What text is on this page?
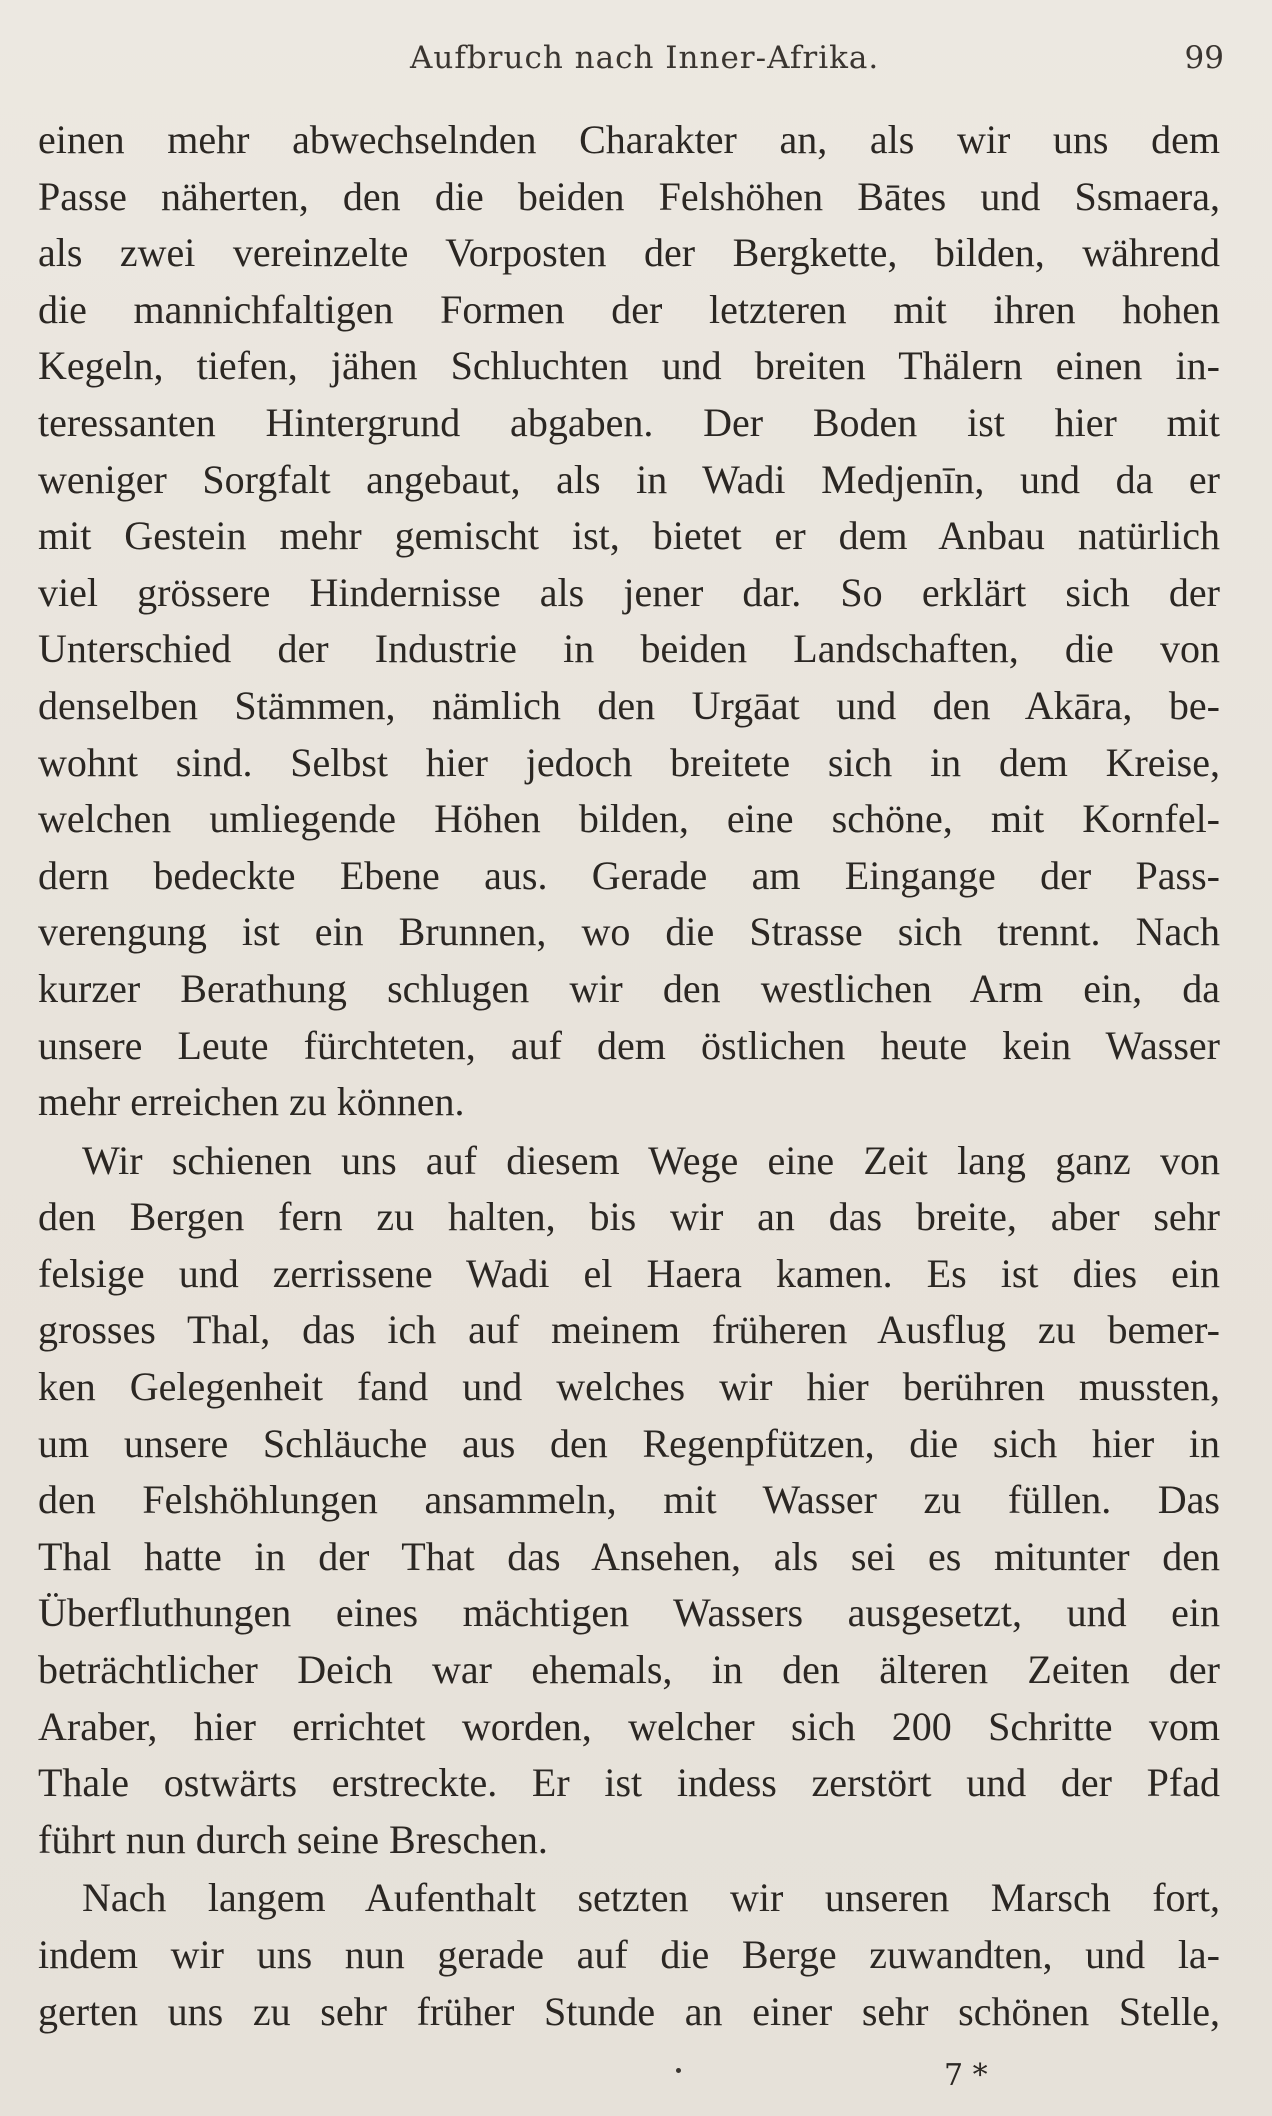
Aufbruch nach Inner-Afrika.	99
einen mehr abwechselnden Charakter an, als wir uns dem
Passe näherten, den die beiden Felshöhen Bātes und Ssmaera,
als zwei vereinzelte Vorposten der Bergkette, bilden, während
die mannichfaltigen Formen der letzteren mit ihren hohen
Kegeln, tiefen, jähen Schluchten und breiten Thälern einen in-
teressanten Hintergrund abgaben. Der Boden ist hier mit
weniger Sorgfalt angebaut, als in Wadi Medjenīn, und da er
mit Gestein mehr gemischt ist, bietet er dem Anbau natürlich
viel grössere Hindernisse als jener dar. So erklärt sich der
Unterschied der Industrie in beiden Landschaften, die von
denselben Stämmen, nämlich den Urgāat und den Akāra, be-
wohnt sind. Selbst hier jedoch breitete sich in dem Kreise,
welchen umliegende Höhen bilden, eine schöne, mit Kornfel-
dern bedeckte Ebene aus. Gerade am Eingange der Pass-
verengung ist ein Brunnen, wo die Strasse sich trennt. Nach
kurzer Berathung schlugen wir den westlichen Arm ein, da
unsere Leute fürchteten, auf dem östlichen heute kein Wasser
mehr erreichen zu können.
Wir schienen uns auf diesem Wege eine Zeit lang ganz von
den Bergen fern zu halten, bis wir an das breite, aber sehr
felsige und zerrissene Wadi el Haera kamen. Es ist dies ein
grosses Thal, das ich auf meinem früheren Ausflug zu bemer-
ken Gelegenheit fand und welches wir hier berühren mussten,
um unsere Schläuche aus den Regenpfützen, die sich hier in
den Felshöhlungen ansammeln, mit Wasser zu füllen. Das
Thal hatte in der That das Ansehen, als sei es mitunter den
Überfluthungen eines mächtigen Wassers ausgesetzt, und ein
beträchtlicher Deich war ehemals, in den älteren Zeiten der
Araber, hier errichtet worden, welcher sich 200 Schritte vom
Thale ostwärts erstreckte. Er ist indess zerstört und der Pfad
führt nun durch seine Breschen.
Nach langem Aufenthalt setzten wir unseren Marsch fort,
indem wir uns nun gerade auf die Berge zuwandten, und la-
gerten uns zu sehr früher Stunde an einer sehr schönen Stelle,
7 *
